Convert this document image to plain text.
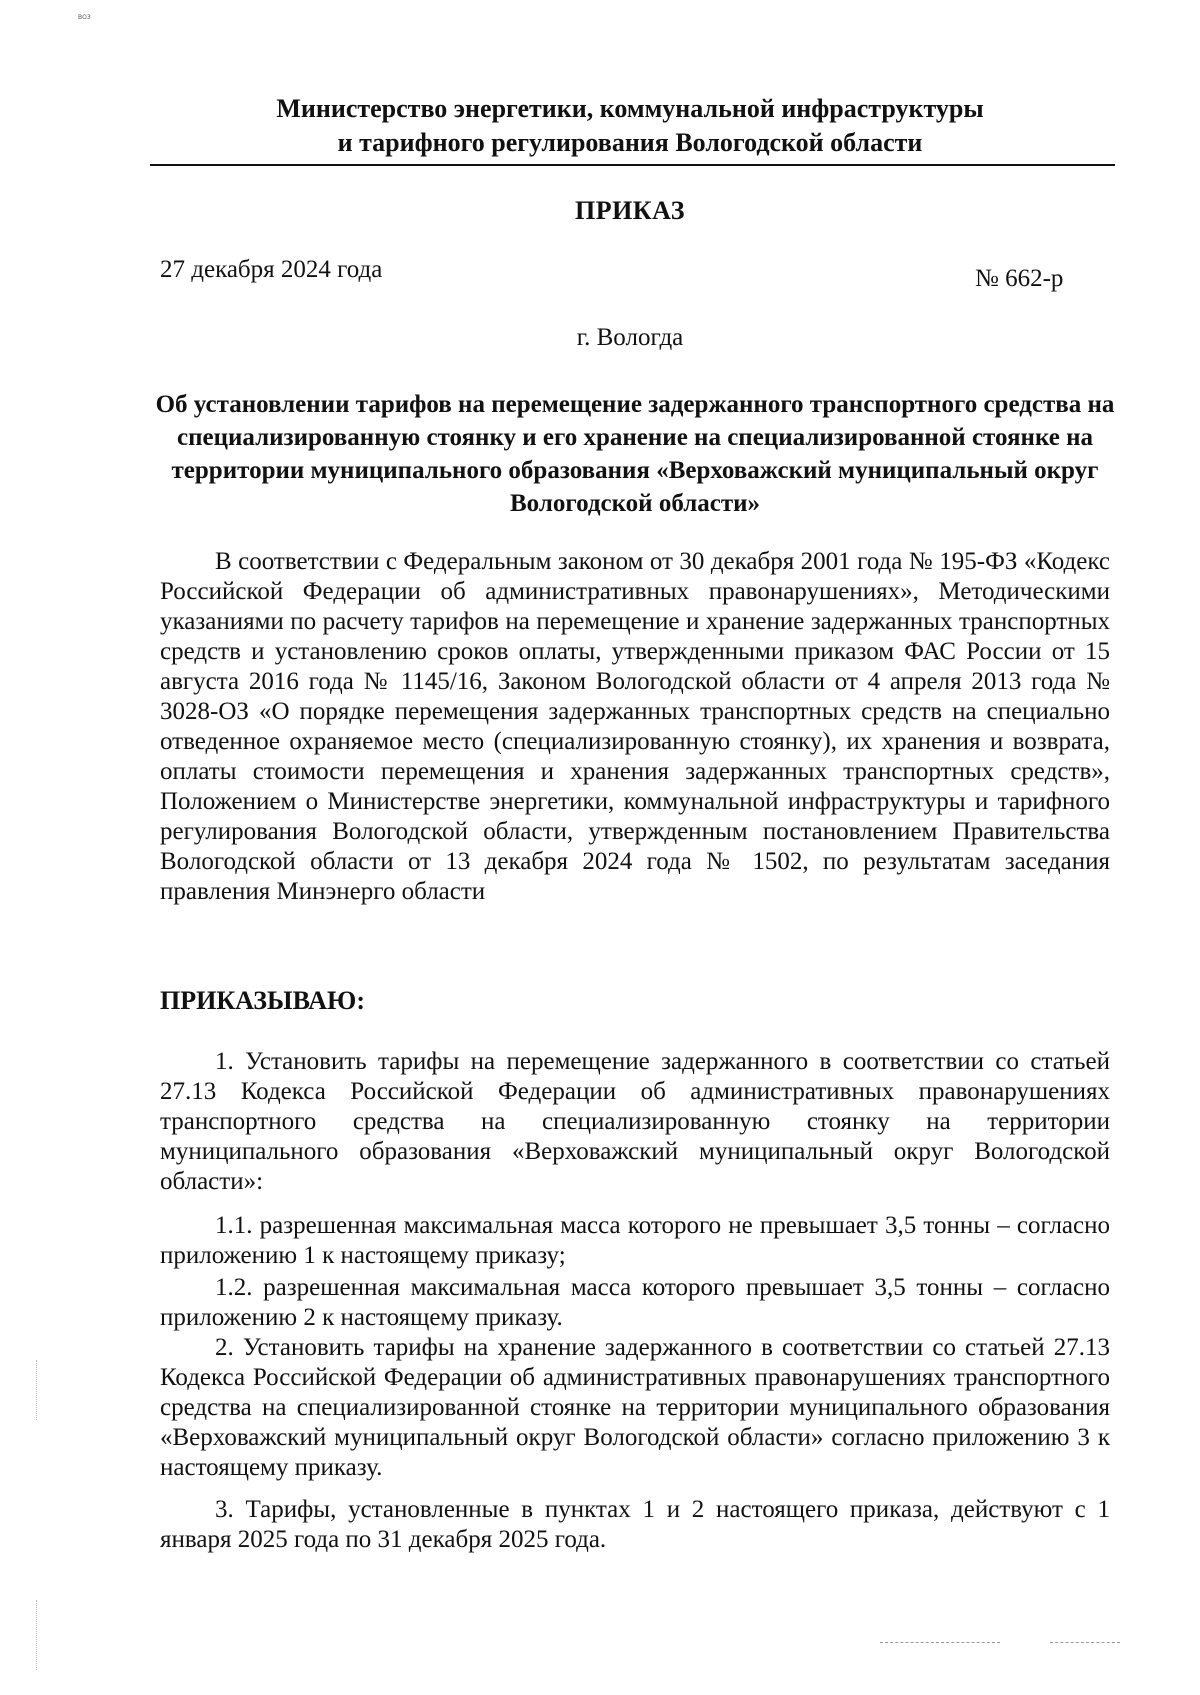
ВОЗ
Министерство энергетики, коммунальной инфраструктуры
и тарифного регулирования Вологодской области
ПРИКАЗ
27 декабря 2024 года	№ 662-р
г. Вологда
Об установлении тарифов на перемещение задержанного транспортного средства на специализированную стоянку и его хранение на специализированной стоянке на территории муниципального образования «Верховажский муниципальный округ Вологодской области»
В соответствии с Федеральным законом от 30 декабря 2001 года № 195-ФЗ «Кодекс Российской Федерации об административных правонарушениях», Методическими указаниями по расчету тарифов на перемещение и хранение задержанных транспортных средств и установлению сроков оплаты, утвержденными приказом ФАС России от 15 августа 2016 года № 1145/16, Законом Вологодской области от 4 апреля 2013 года № 3028-ОЗ «О порядке перемещения задержанных транспортных средств на специально отведенное охраняемое место (специализированную стоянку), их хранения и возврата, оплаты стоимости перемещения и хранения задержанных транспортных средств», Положением о Министерстве энергетики, коммунальной инфраструктуры и тарифного регулирования Вологодской области, утвержденным постановлением Правительства Вологодской области от 13 декабря 2024 года № 1502, по результатам заседания правления Минэнерго области
ПРИКАЗЫВАЮ:
1. Установить тарифы на перемещение задержанного в соответствии со статьей 27.13 Кодекса Российской Федерации об административных правонарушениях транспортного средства на специализированную стоянку на территории муниципального образования «Верховажский муниципальный округ Вологодской области»:
1.1. разрешенная максимальная масса которого не превышает 3,5 тонны – согласно приложению 1 к настоящему приказу;
1.2. разрешенная максимальная масса которого превышает 3,5 тонны – согласно приложению 2 к настоящему приказу.
2. Установить тарифы на хранение задержанного в соответствии со статьей 27.13 Кодекса Российской Федерации об административных правонарушениях транспортного средства на специализированной стоянке на территории муниципального образования «Верховажский муниципальный округ Вологодской области» согласно приложению 3 к настоящему приказу.
3. Тарифы, установленные в пунктах 1 и 2 настоящего приказа, действуют с 1 января 2025 года по 31 декабря 2025 года.
